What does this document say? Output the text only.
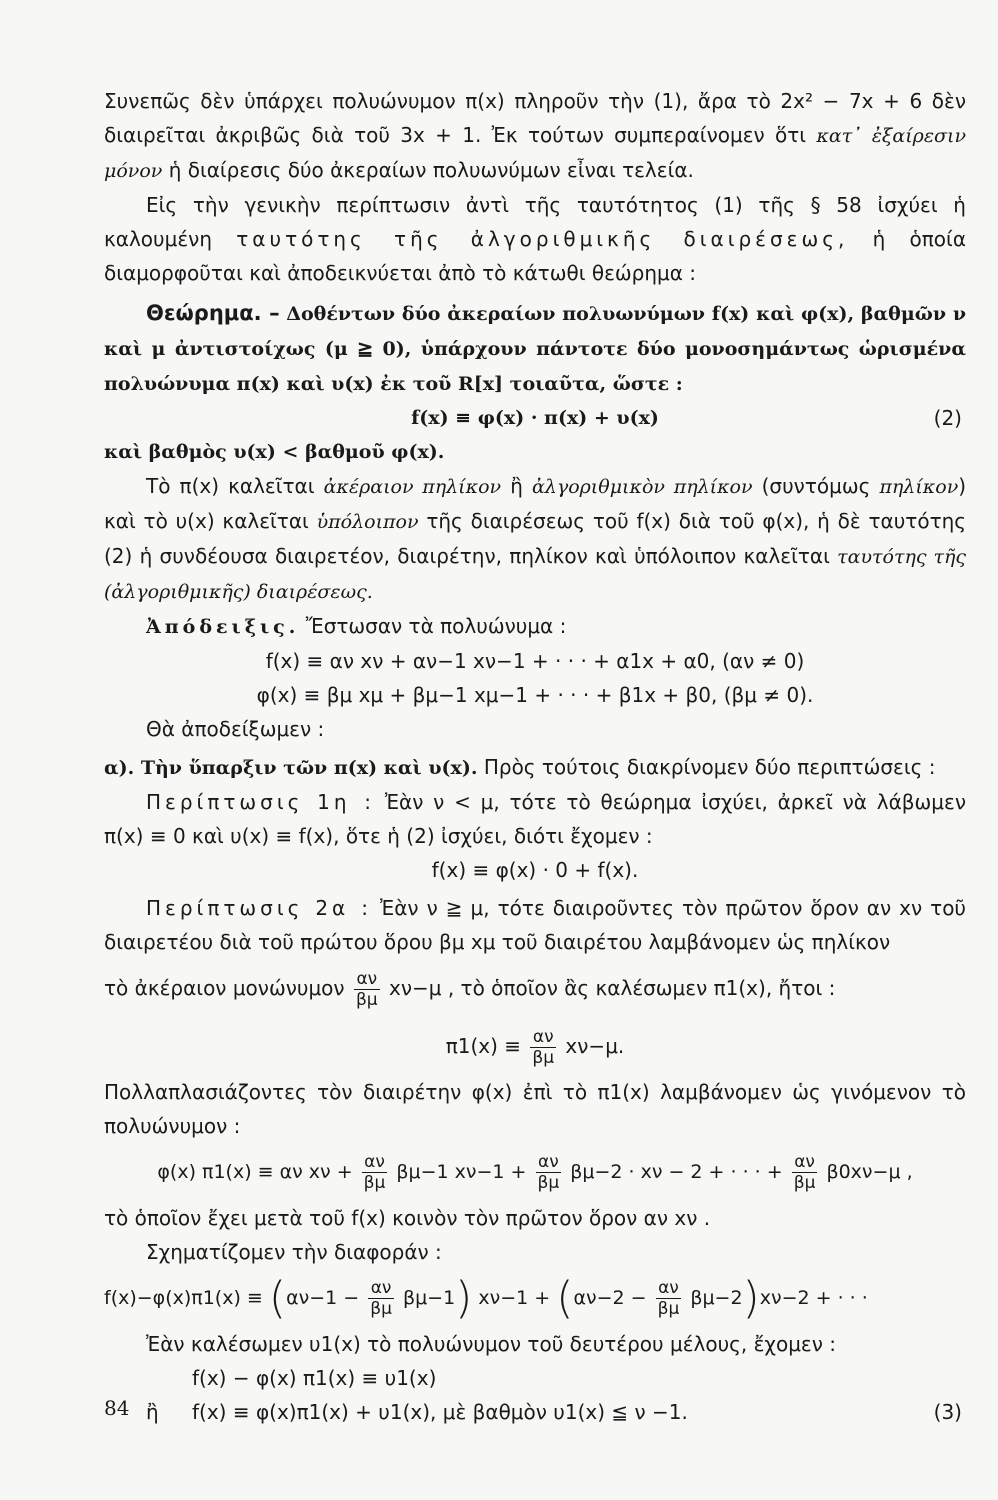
Συνεπῶς δὲν ὑπάρχει πολυώνυμον π(x) πληροῦν τὴν (1), ἄρα τὸ 2x² − 7x + 6 δὲν διαιρεῖται ἀκριβῶς διὰ τοῦ 3x + 1. Ἐκ τούτων συμπεραίνομεν ὅτι κατ᾽ ἐξαίρεσιν μόνον ἡ διαίρεσις δύο ἀκεραίων πολυωνύμων εἶναι τελεία.

Εἰς τὴν γενικὴν περίπτωσιν ἀντὶ τῆς ταυτότητος (1) τῆς § 58 ἰσχύει ἡ καλουμένη ταυτότης τῆς ἀλγοριθμικῆς διαιρέσεως, ἡ ὁποία διαμορφοῦται καὶ ἀποδεικνύεται ἀπὸ τὸ κάτωθι θεώρημα :

Θεώρημα. – Δοθέντων δύο ἀκεραίων πολυωνύμων f(x) καὶ φ(x), βαθμῶν ν καὶ μ ἀντιστοίχως (μ ≧ 0), ὑπάρχουν πάντοτε δύο μονοσημάντως ὡρισμένα πολυώνυμα π(x) καὶ υ(x) ἐκ τοῦ R[x] τοιαῦτα, ὥστε :

f(x) ≡ φ(x) · π(x) + υ(x)	(2)

καὶ βαθμὸς υ(x) < βαθμοῦ φ(x).

Τὸ π(x) καλεῖται ἀκέραιον πηλίκον ἢ ἀλγοριθμικὸν πηλίκον (συντόμως πηλίκον) καὶ τὸ υ(x) καλεῖται ὑπόλοιπον τῆς διαιρέσεως τοῦ f(x) διὰ τοῦ φ(x), ἡ δὲ ταυτότης (2) ἡ συνδέουσα διαιρετέον, διαιρέτην, πηλίκον καὶ ὑπόλοιπον καλεῖται ταυτότης τῆς (ἀλγοριθμικῆς) διαιρέσεως.

Ἀπόδειξις. Ἔστωσαν τὰ πολυώνυμα :

f(x) ≡ αν xν + αν−1 xν−1 + · · · + α1x + α0, (αν ≠ 0)

φ(x) ≡ βμ xμ + βμ−1 xμ−1 + · · · + β1x + β0, (βμ ≠ 0).

Θὰ ἀποδείξωμεν :

α). Τὴν ὕπαρξιν τῶν π(x) καὶ υ(x). Πρὸς τούτοις διακρίνομεν δύο περιπτώσεις :

Περίπτωσις 1η : Ἐὰν ν < μ, τότε τὸ θεώρημα ἰσχύει, ἀρκεῖ νὰ λάβωμεν π(x) ≡ 0 καὶ υ(x) ≡ f(x), ὅτε ἡ (2) ἰσχύει, διότι ἔχομεν :

f(x) ≡ φ(x) · 0 + f(x).

Περίπτωσις 2α : Ἐὰν ν ≧ μ, τότε διαιροῦντες τὸν πρῶτον ὅρον αν xν τοῦ διαιρετέου διὰ τοῦ πρώτου ὅρου βμ xμ τοῦ διαιρέτου λαμβάνομεν ὡς πηλίκον

τὸ ἀκέραιον μονώνυμον $\frac{\alpha\nu}{\beta\mu} x\nu-\mu$ , τὸ ὁποῖον ἂς καλέσωμεν π1(x), ἤτοι :

$\pi 1(x) \equiv \frac{\alpha\nu}{\beta\mu} x\nu-\mu$.

Πολλαπλασιάζοντες τὸν διαιρέτην φ(x) ἐπὶ τὸ π1(x) λαμβάνομεν ὡς γινόμενον τὸ πολυώνυμον :

φ(x) π1(x) ≡ αν $x\nu + \frac{\alpha\nu}{\beta\mu} \beta\mu-1$ $x\nu-1 + \frac{\alpha\nu}{\beta\mu} \beta\mu-2 \cdot x\nu - 2$ + · · · + $\frac{\alpha\nu}{\beta\mu} \beta 0x\nu-\mu$ ,

τὸ ὁποῖον ἔχει μετὰ τοῦ f(x) κοινὸν τὸν πρῶτον ὅρον αν xν .

Σχηματίζομεν τὴν διαφοράν :

$f(x)-\varphi(x)\pi 1(x) \equiv (\alpha\nu-1 - \frac{\alpha\nu}{\beta\mu} \beta\mu-1)$ $x\nu-1 + (\alpha\nu-2 - \frac{\alpha\nu}{\beta\mu} \beta\mu-2)x\nu-2$ + · · ·

Ἐὰν καλέσωμεν υ1(x) τὸ πολυώνυμον τοῦ δευτέρου μέλους, ἔχομεν :

f(x) − φ(x) π1(x) ≡ υ1(x)

ἢ f(x) ≡ φ(x)π1(x) + υ1(x), μὲ βαθμὸν υ1(x) ≦ ν −1.	(3)
84
